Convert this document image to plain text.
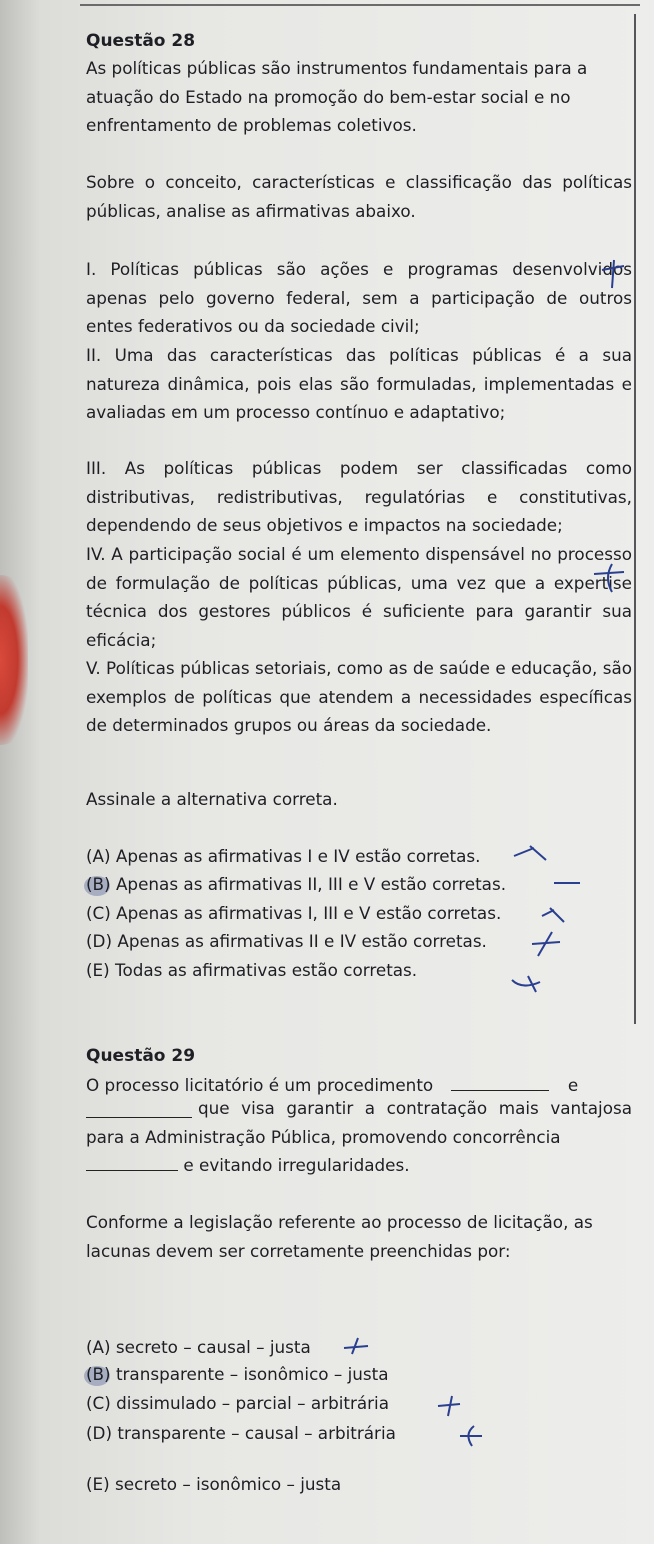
Questão 28

As políticas públicas são instrumentos fundamentais para a atuação do Estado na promoção do bem-estar social e no enfrentamento de problemas coletivos.

Sobre o conceito, características e classificação das políticas públicas, analise as afirmativas abaixo.

I. Políticas públicas são ações e programas desenvolvidos apenas pelo governo federal, sem a participação de outros entes federativos ou da sociedade civil;

II. Uma das características das políticas públicas é a sua natureza dinâmica, pois elas são formuladas, implementadas e avaliadas em um processo contínuo e adaptativo;

III. As políticas públicas podem ser classificadas como distributivas, redistributivas, regulatórias e constitutivas, dependendo de seus objetivos e impactos na sociedade;

IV. A participação social é um elemento dispensável no processo de formulação de políticas públicas, uma vez que a expertise técnica dos gestores públicos é suficiente para garantir sua eficácia;

V. Políticas públicas setoriais, como as de saúde e educação, são exemplos de políticas que atendem a necessidades específicas de determinados grupos ou áreas da sociedade.

Assinale a alternativa correta.
(A) Apenas as afirmativas I e IV estão corretas.
(B) Apenas as afirmativas II, III e V estão corretas.
(C) Apenas as afirmativas I, III e V estão corretas.
(D) Apenas as afirmativas II e IV estão corretas.
(E) Todas as afirmativas estão corretas.
Questão 29
O processo licitatório é um procedimento	e

que visa garantir a contratação mais vantajosa para a Administração Pública, promovendo concorrência

e evitando irregularidades.

Conforme a legislação referente ao processo de licitação, as lacunas devem ser corretamente preenchidas por:

(A) secreto – causal – justa
(B) transparente – isonômico – justa
(C) dissimulado – parcial – arbitrária
(D) transparente – causal – arbitrária
(E) secreto – isonômico – justa
